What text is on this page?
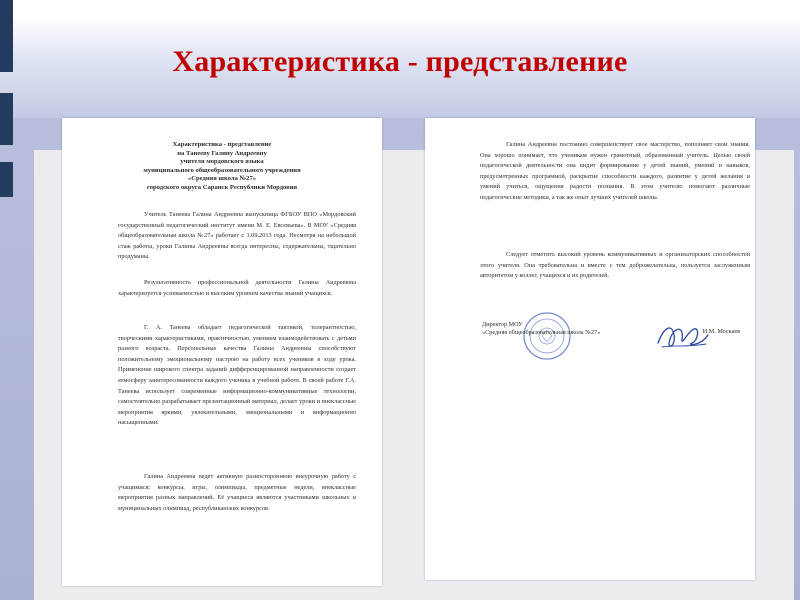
Характеристика - представление
Характеристика - представление
на Танееву Галину Андреевну
учителя мордовского языка
муниципального общеобразовательного учреждения
«Средняя школа №27»
городского округа Саранск Республики Мордовия
Учитель Танеева Галина Андреевна выпускница ФГБОУ ВПО «Мордовский государственный педагогический институт имени М. Е. Евсевьева». В МОУ «Средняя общеобразовательная школа №27» работает с 1.09.2013 года. Несмотря на небольшой стаж работы, уроки Галины Андреевны всегда интересны, содержательны, тщательно продуманы.
Результативность профессиональной деятельности Галины Андреевны характеризуется успеваемостью и высоким уровнем качества знаний учащихся.
Г. А. Танеева обладает педагогической тактикой, толерантностью, творческими характеристиками, практичностью, умением взаимодействовать с детьми разного возраста. Персональные качества Галины Андреевны способствуют положительному эмоциональному настрою на работу всех учеников в ходе урока. Применение широкого спектра заданий дифференцированной направленности создает атмосферу заинтересованности каждого ученика в учебной работе. В своей работе Г.А. Танеева использует современные информационно-коммуникативные технологии, самостоятельно разрабатывает презентационный материал, делает уроки и внеклассные мероприятия яркими, увлекательными, эмоциональными и информационно насыщенными.
Галина Андреевна ведет активную разностороннюю внеурочную работу с учащимися: конкурсы, игры, олимпиады, предметные недели, внеклассные мероприятия разных направлений. Её учащиеся являются участниками школьных и муниципальных олимпиад, республиканских конкурсов.
Галина Андреевна постоянно совершенствует свое мастерство, пополняет свои знания. Она хорошо понимает, что ученикам нужен грамотный, образованный учитель. Целью своей педагогической деятельности она видит формирование у детей знаний, умений и навыков, предусмотренных программой, раскрытие способности каждого, развитие у детей желания и умений учиться, ощущения радости познания. В этом учителю помогают различные педагогические методики, а так же опыт лучших учителей школы.
Следует отметить высокий уровень коммуникативных и организаторских способностей этого учителя. Она требовательна и вместе с тем доброжелательна, пользуется заслуженным авторитетом у коллег, учащихся и их родителей.
Директор МОУ
«Средняя общеобразовательная школа №27»	И.М. Москаев
